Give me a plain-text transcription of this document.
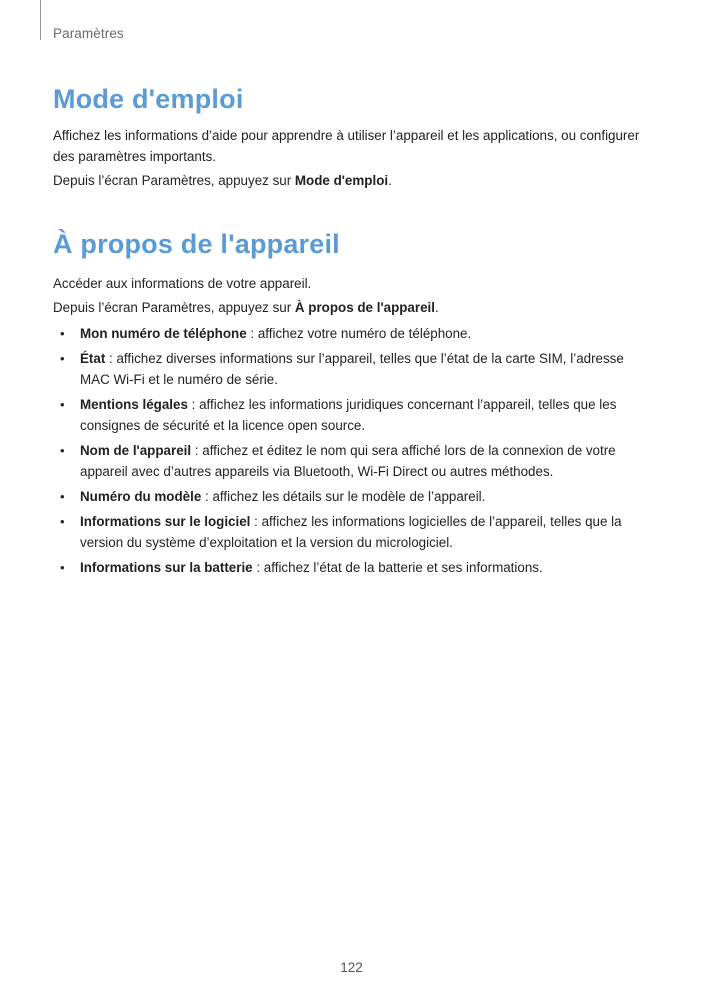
Paramètres
Mode d'emploi

Affichez les informations d’aide pour apprendre à utiliser l’appareil et les applications, ou configurer des paramètres importants.

Depuis l’écran Paramètres, appuyez sur Mode d'emploi.

À propos de l'appareil

Accéder aux informations de votre appareil.

Depuis l’écran Paramètres, appuyez sur À propos de l'appareil.

• Mon numéro de téléphone : affichez votre numéro de téléphone.
• État : affichez diverses informations sur l’appareil, telles que l’état de la carte SIM, l’adresse MAC Wi-Fi et le numéro de série.
• Mentions légales : affichez les informations juridiques concernant l’appareil, telles que les consignes de sécurité et la licence open source.
• Nom de l'appareil : affichez et éditez le nom qui sera affiché lors de la connexion de votre appareil avec d’autres appareils via Bluetooth, Wi-Fi Direct ou autres méthodes.
• Numéro du modèle : affichez les détails sur le modèle de l’appareil.
• Informations sur le logiciel : affichez les informations logicielles de l’appareil, telles que la version du système d’exploitation et la version du micrologiciel.
• Informations sur la batterie : affichez l’état de la batterie et ses informations.
122
